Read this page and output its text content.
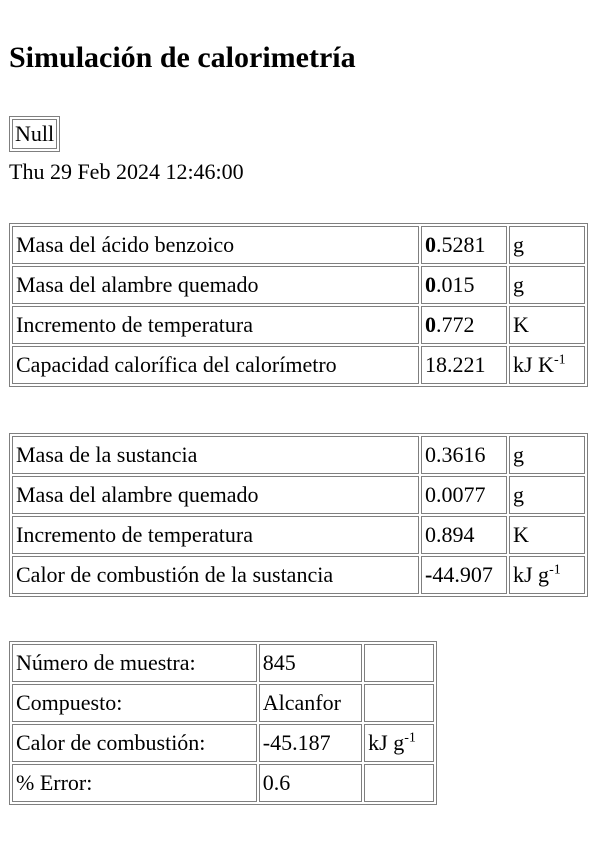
Simulación de calorimetría
Null
Thu 29 Feb 2024 12:46:00
Masa del ácido benzoico	0.5281	g
Masa del alambre quemado	0.015	g
Incremento de temperatura	0.772	K
Capacidad calorífica del calorímetro	18.221	kJ $K^{-1}$
Masa de la sustancia	0.3616	g
Masa del alambre quemado	0.0077	g
Incremento de temperatura	0.894	K
Calor de combustión de la sustancia	-44.907	kJ $g^{-1}$
Número de muestra:	845	
Compuesto:	Alcanfor	
Calor de combustión:	-45.187	kJ $g^{-1}$
% Error:	0.6	
